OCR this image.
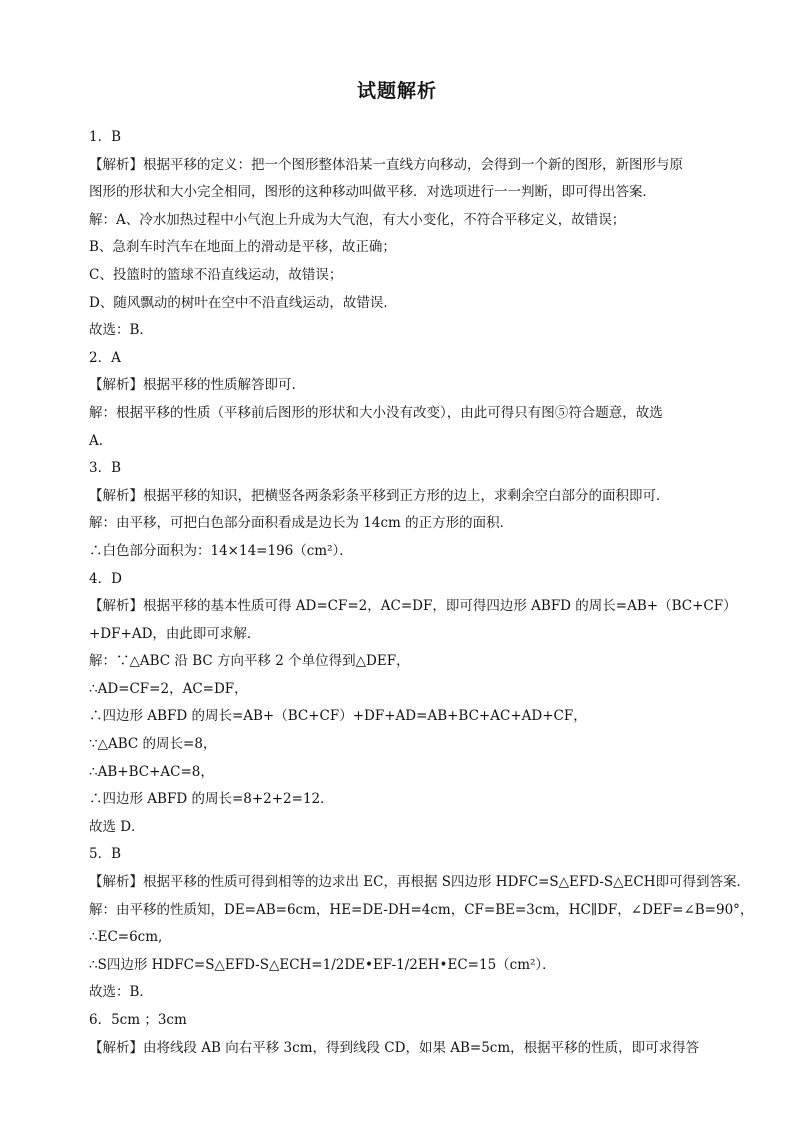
试题解析
1．B
【解析】根据平移的定义：把一个图形整体沿某一直线方向移动，会得到一个新的图形，新图形与原
图形的形状和大小完全相同，图形的这种移动叫做平移．对选项进行一一判断，即可得出答案．
解：A、冷水加热过程中小气泡上升成为大气泡，有大小变化，不符合平移定义，故错误；
B、急刹车时汽车在地面上的滑动是平移，故正确；
C、投篮时的篮球不沿直线运动，故错误；
D、随风飘动的树叶在空中不沿直线运动，故错误．
故选：B．
2．A
【解析】根据平移的性质解答即可.
解：根据平移的性质（平移前后图形的形状和大小没有改变），由此可得只有图⑤符合题意，故选
A.
3．B
【解析】根据平移的知识，把横竖各两条彩条平移到正方形的边上，求剩余空白部分的面积即可．
解：由平移，可把白色部分面积看成是边长为 14cm 的正方形的面积．
∴白色部分面积为：14×14=196（cm²）．
4．D
【解析】根据平移的基本性质可得 AD=CF=2，AC=DF，即可得四边形 ABFD 的周长=AB+（BC+CF）
+DF+AD，由此即可求解．
解：∵△ABC 沿 BC 方向平移 2 个单位得到△DEF，
∴AD=CF=2，AC=DF，
∴四边形 ABFD 的周长=AB+（BC+CF）+DF+AD=AB+BC+AC+AD+CF，
∵△ABC 的周长=8，
∴AB+BC+AC=8，
∴四边形 ABFD 的周长=8+2+2=12．
故选 D．
5．B
【解析】根据平移的性质可得到相等的边求出 EC，再根据 S四边形 HDFC=S△EFD-S△ECH即可得到答案．
解：由平移的性质知，DE=AB=6cm，HE=DE-DH=4cm，CF=BE=3cm，HC∥DF，∠DEF=∠B=90°，
∴EC=6cm,
∴S四边形 HDFC=S△EFD-S△ECH=1/2DE•EF-1/2EH•EC=15（cm²）．
故选：B．
6．5cm ；3cm
【解析】由将线段 AB 向右平移 3cm，得到线段 CD，如果 AB=5cm，根据平移的性质，即可求得答
